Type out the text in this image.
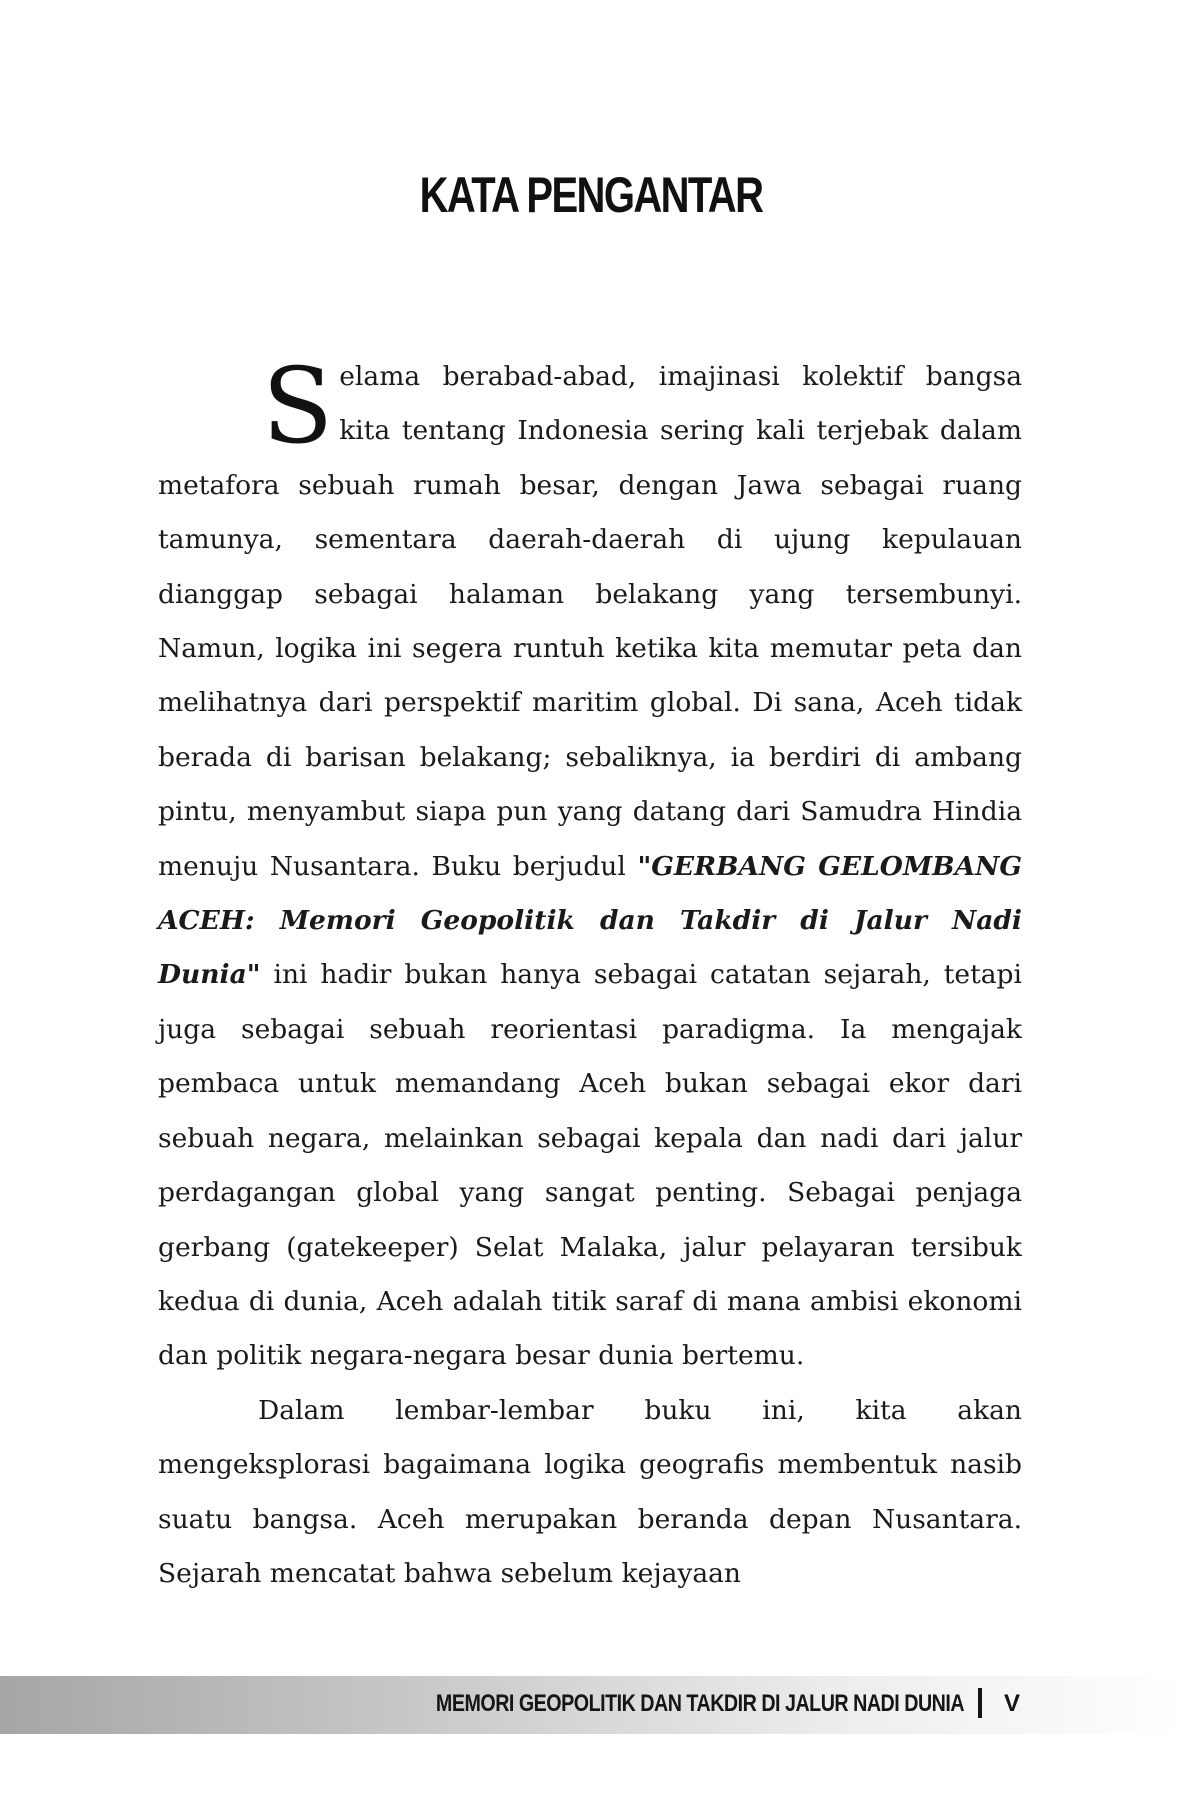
KATA PENGANTAR

Selama berabad-abad, imajinasi kolektif bangsa kita tentang Indonesia sering kali terjebak dalam metafora sebuah rumah besar, dengan Jawa sebagai ruang tamunya, sementara daerah-daerah di ujung kepulauan dianggap sebagai halaman belakang yang tersembunyi. Namun, logika ini segera runtuh ketika kita memutar peta dan melihatnya dari perspektif maritim global. Di sana, Aceh tidak berada di barisan belakang; sebaliknya, ia berdiri di ambang pintu, menyambut siapa pun yang datang dari Samudra Hindia menuju Nusantara. Buku berjudul "GERBANG GELOMBANG ACEH: Memori Geopolitik dan Takdir di Jalur Nadi Dunia" ini hadir bukan hanya sebagai catatan sejarah, tetapi juga sebagai sebuah reorientasi paradigma. Ia mengajak pembaca untuk memandang Aceh bukan sebagai ekor dari sebuah negara, melainkan sebagai kepala dan nadi dari jalur perdagangan global yang sangat penting. Sebagai penjaga gerbang (gatekeeper) Selat Malaka, jalur pelayaran tersibuk kedua di dunia, Aceh adalah titik saraf di mana ambisi ekonomi dan politik negara-negara besar dunia bertemu.

Dalam lembar-lembar buku ini, kita akan mengeksplorasi bagaimana logika geografis membentuk nasib suatu bangsa. Aceh merupakan beranda depan Nusantara. Sejarah mencatat bahwa sebelum kejayaan

MEMORI GEOPOLITIK DAN TAKDIR DI JALUR NADI DUNIA V
